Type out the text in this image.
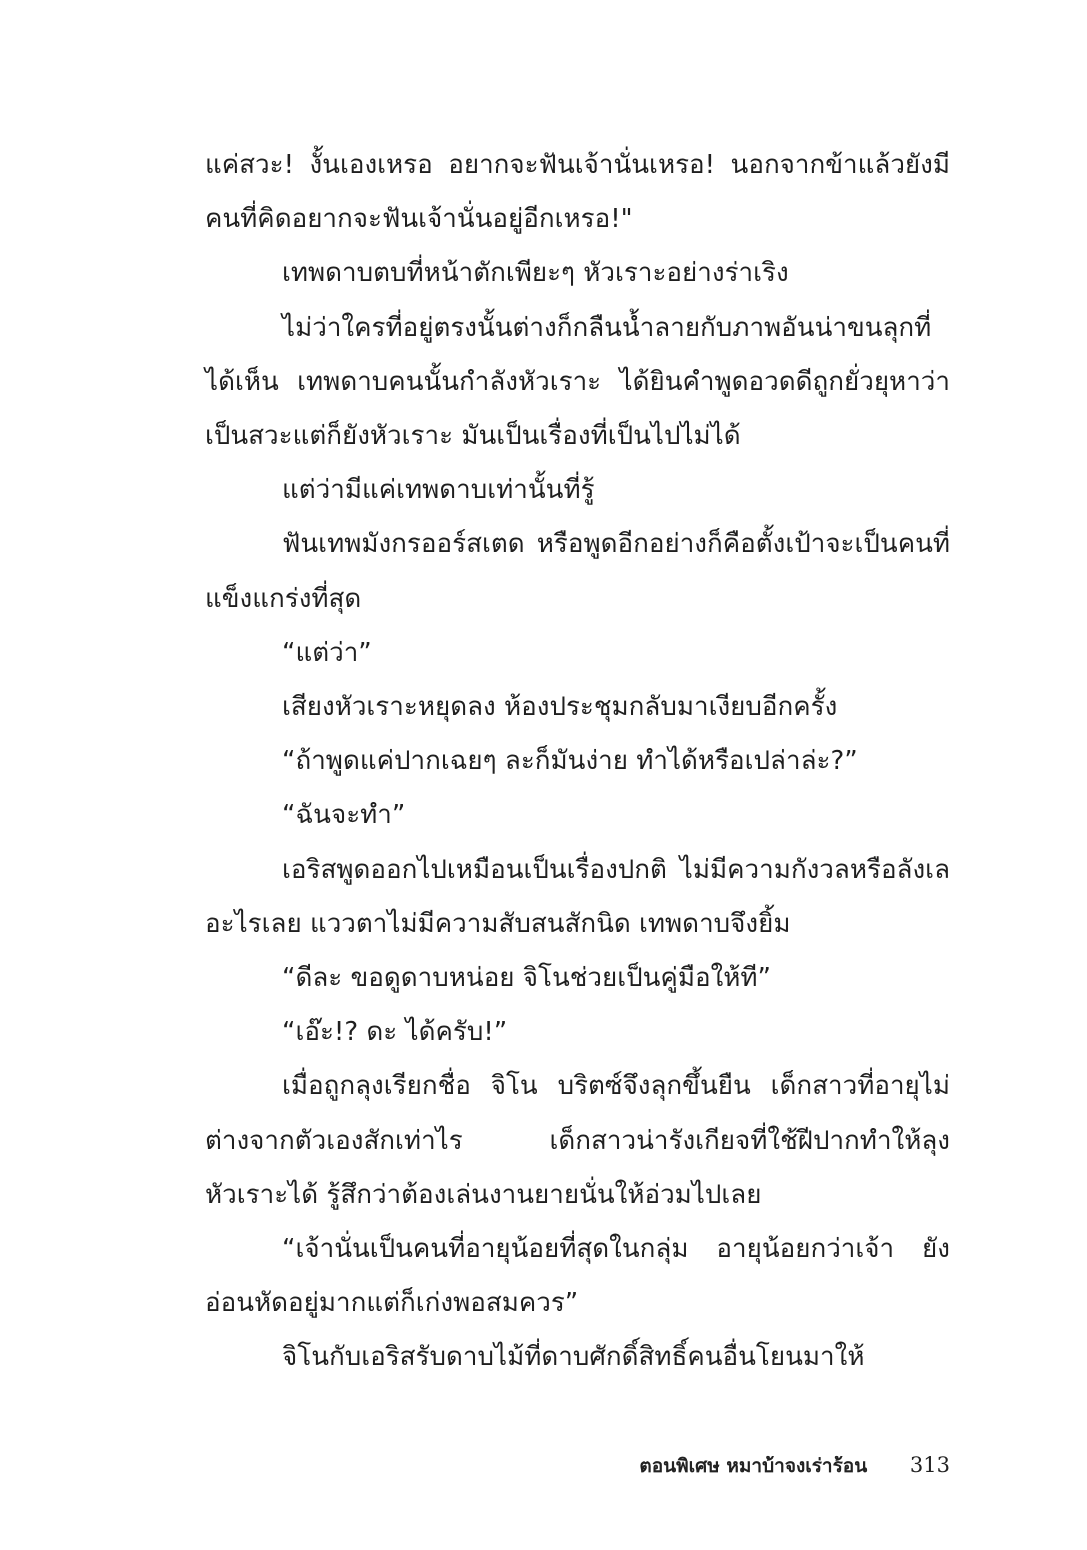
แค่สวะ! งั้นเองเหรอ อยากจะฟันเจ้านั่นเหรอ! นอกจากข้าแล้วยังมีคนที่คิดอยากจะฟันเจ้านั่นอยู่อีกเหรอ!"

เทพดาบตบที่หน้าตักเพียะๆ หัวเราะอย่างร่าเริง

ไม่ว่าใครที่อยู่ตรงนั้นต่างก็กลืนน้ำลายกับภาพอันน่าขนลุกที่ได้เห็น เทพดาบคนนั้นกำลังหัวเราะ ได้ยินคำพูดอวดดีถูกยั่วยุหาว่าเป็นสวะแต่ก็ยังหัวเราะ มันเป็นเรื่องที่เป็นไปไม่ได้

แต่ว่ามีแค่เทพดาบเท่านั้นที่รู้

ฟันเทพมังกรออร์สเตด หรือพูดอีกอย่างก็คือตั้งเป้าจะเป็นคนที่แข็งแกร่งที่สุด

“แต่ว่า”

เสียงหัวเราะหยุดลง ห้องประชุมกลับมาเงียบอีกครั้ง

“ถ้าพูดแค่ปากเฉยๆ ละก็มันง่าย ทำได้หรือเปล่าล่ะ?”

“ฉันจะทำ”

เอริสพูดออกไปเหมือนเป็นเรื่องปกติ ไม่มีความกังวลหรือลังเลอะไรเลย แววตาไม่มีความสับสนสักนิด เทพดาบจึงยิ้ม

“ดีละ ขอดูดาบหน่อย จิโนช่วยเป็นคู่มือให้ที”

“เอ๊ะ!? ดะ ได้ครับ!”

เมื่อถูกลุงเรียกชื่อ จิโน บริตซ์จึงลุกขึ้นยืน เด็กสาวที่อายุไม่ต่างจากตัวเองสักเท่าไร เด็กสาวน่ารังเกียจที่ใช้ฝีปากทำให้ลุงหัวเราะได้ รู้สึกว่าต้องเล่นงานยายนั่นให้อ่วมไปเลย

“เจ้านั่นเป็นคนที่อายุน้อยที่สุดในกลุ่ม อายุน้อยกว่าเจ้า ยังอ่อนหัดอยู่มากแต่ก็เก่งพอสมควร”

จิโนกับเอริสรับดาบไม้ที่ดาบศักดิ์สิทธิ์คนอื่นโยนมาให้

ตอนพิเศษ หมาบ้าจงเร่าร้อน 313
